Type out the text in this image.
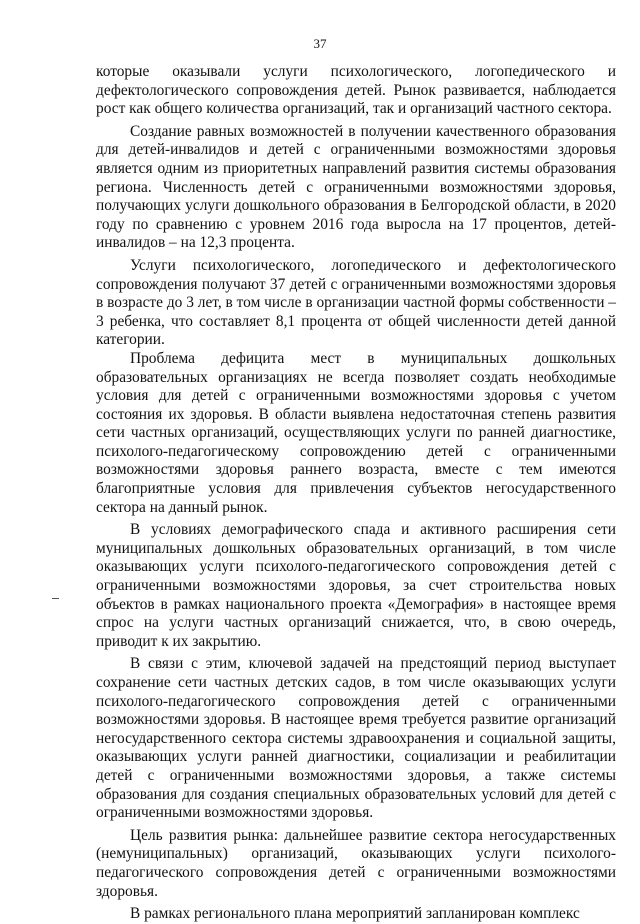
37

которые оказывали услуги психологического, логопедического и дефектологического сопровождения детей. Рынок развивается, наблюдается рост как общего количества организаций, так и организаций частного сектора.

Создание равных возможностей в получении качественного образования для детей-инвалидов и детей с ограниченными возможностями здоровья является одним из приоритетных направлений развития системы образования региона. Численность детей с ограниченными возможностями здоровья, получающих услуги дошкольного образования в Белгородской области, в 2020 году по сравнению с уровнем 2016 года выросла на 17 процентов, детей-инвалидов – на 12,3 процента.

Услуги психологического, логопедического и дефектологического сопровождения получают 37 детей с ограниченными возможностями здоровья в возрасте до 3 лет, в том числе в организации частной формы собственности – 3 ребенка, что составляет 8,1 процента от общей численности детей данной категории.

Проблема дефицита мест в муниципальных дошкольных образовательных организациях не всегда позволяет создать необходимые условия для детей с ограниченными возможностями здоровья с учетом состояния их здоровья. В области выявлена недостаточная степень развития сети частных организаций, осуществляющих услуги по ранней диагностике, психолого-педагогическому сопровождению детей с ограниченными возможностями здоровья раннего возраста, вместе с тем имеются благоприятные условия для привлечения субъектов негосударственного сектора на данный рынок.

В условиях демографического спада и активного расширения сети муниципальных дошкольных образовательных организаций, в том числе оказывающих услуги психолого-педагогического сопровождения детей с ограниченными возможностями здоровья, за счет строительства новых объектов в рамках национального проекта «Демография» в настоящее время спрос на услуги частных организаций снижается, что, в свою очередь, приводит к их закрытию.

В связи с этим, ключевой задачей на предстоящий период выступает сохранение сети частных детских садов, в том числе оказывающих услуги психолого-педагогического сопровождения детей с ограниченными возможностями здоровья. В настоящее время требуется развитие организаций негосударственного сектора системы здравоохранения и социальной защиты, оказывающих услуги ранней диагностики, социализации и реабилитации детей с ограниченными возможностями здоровья, а также системы образования для создания специальных образовательных условий для детей с ограниченными возможностями здоровья.

Цель развития рынка: дальнейшее развитие сектора негосударственных (немуниципальных) организаций, оказывающих услуги психолого-педагогического сопровождения детей с ограниченными возможностями здоровья.

В рамках регионального плана мероприятий запланирован комплекс
